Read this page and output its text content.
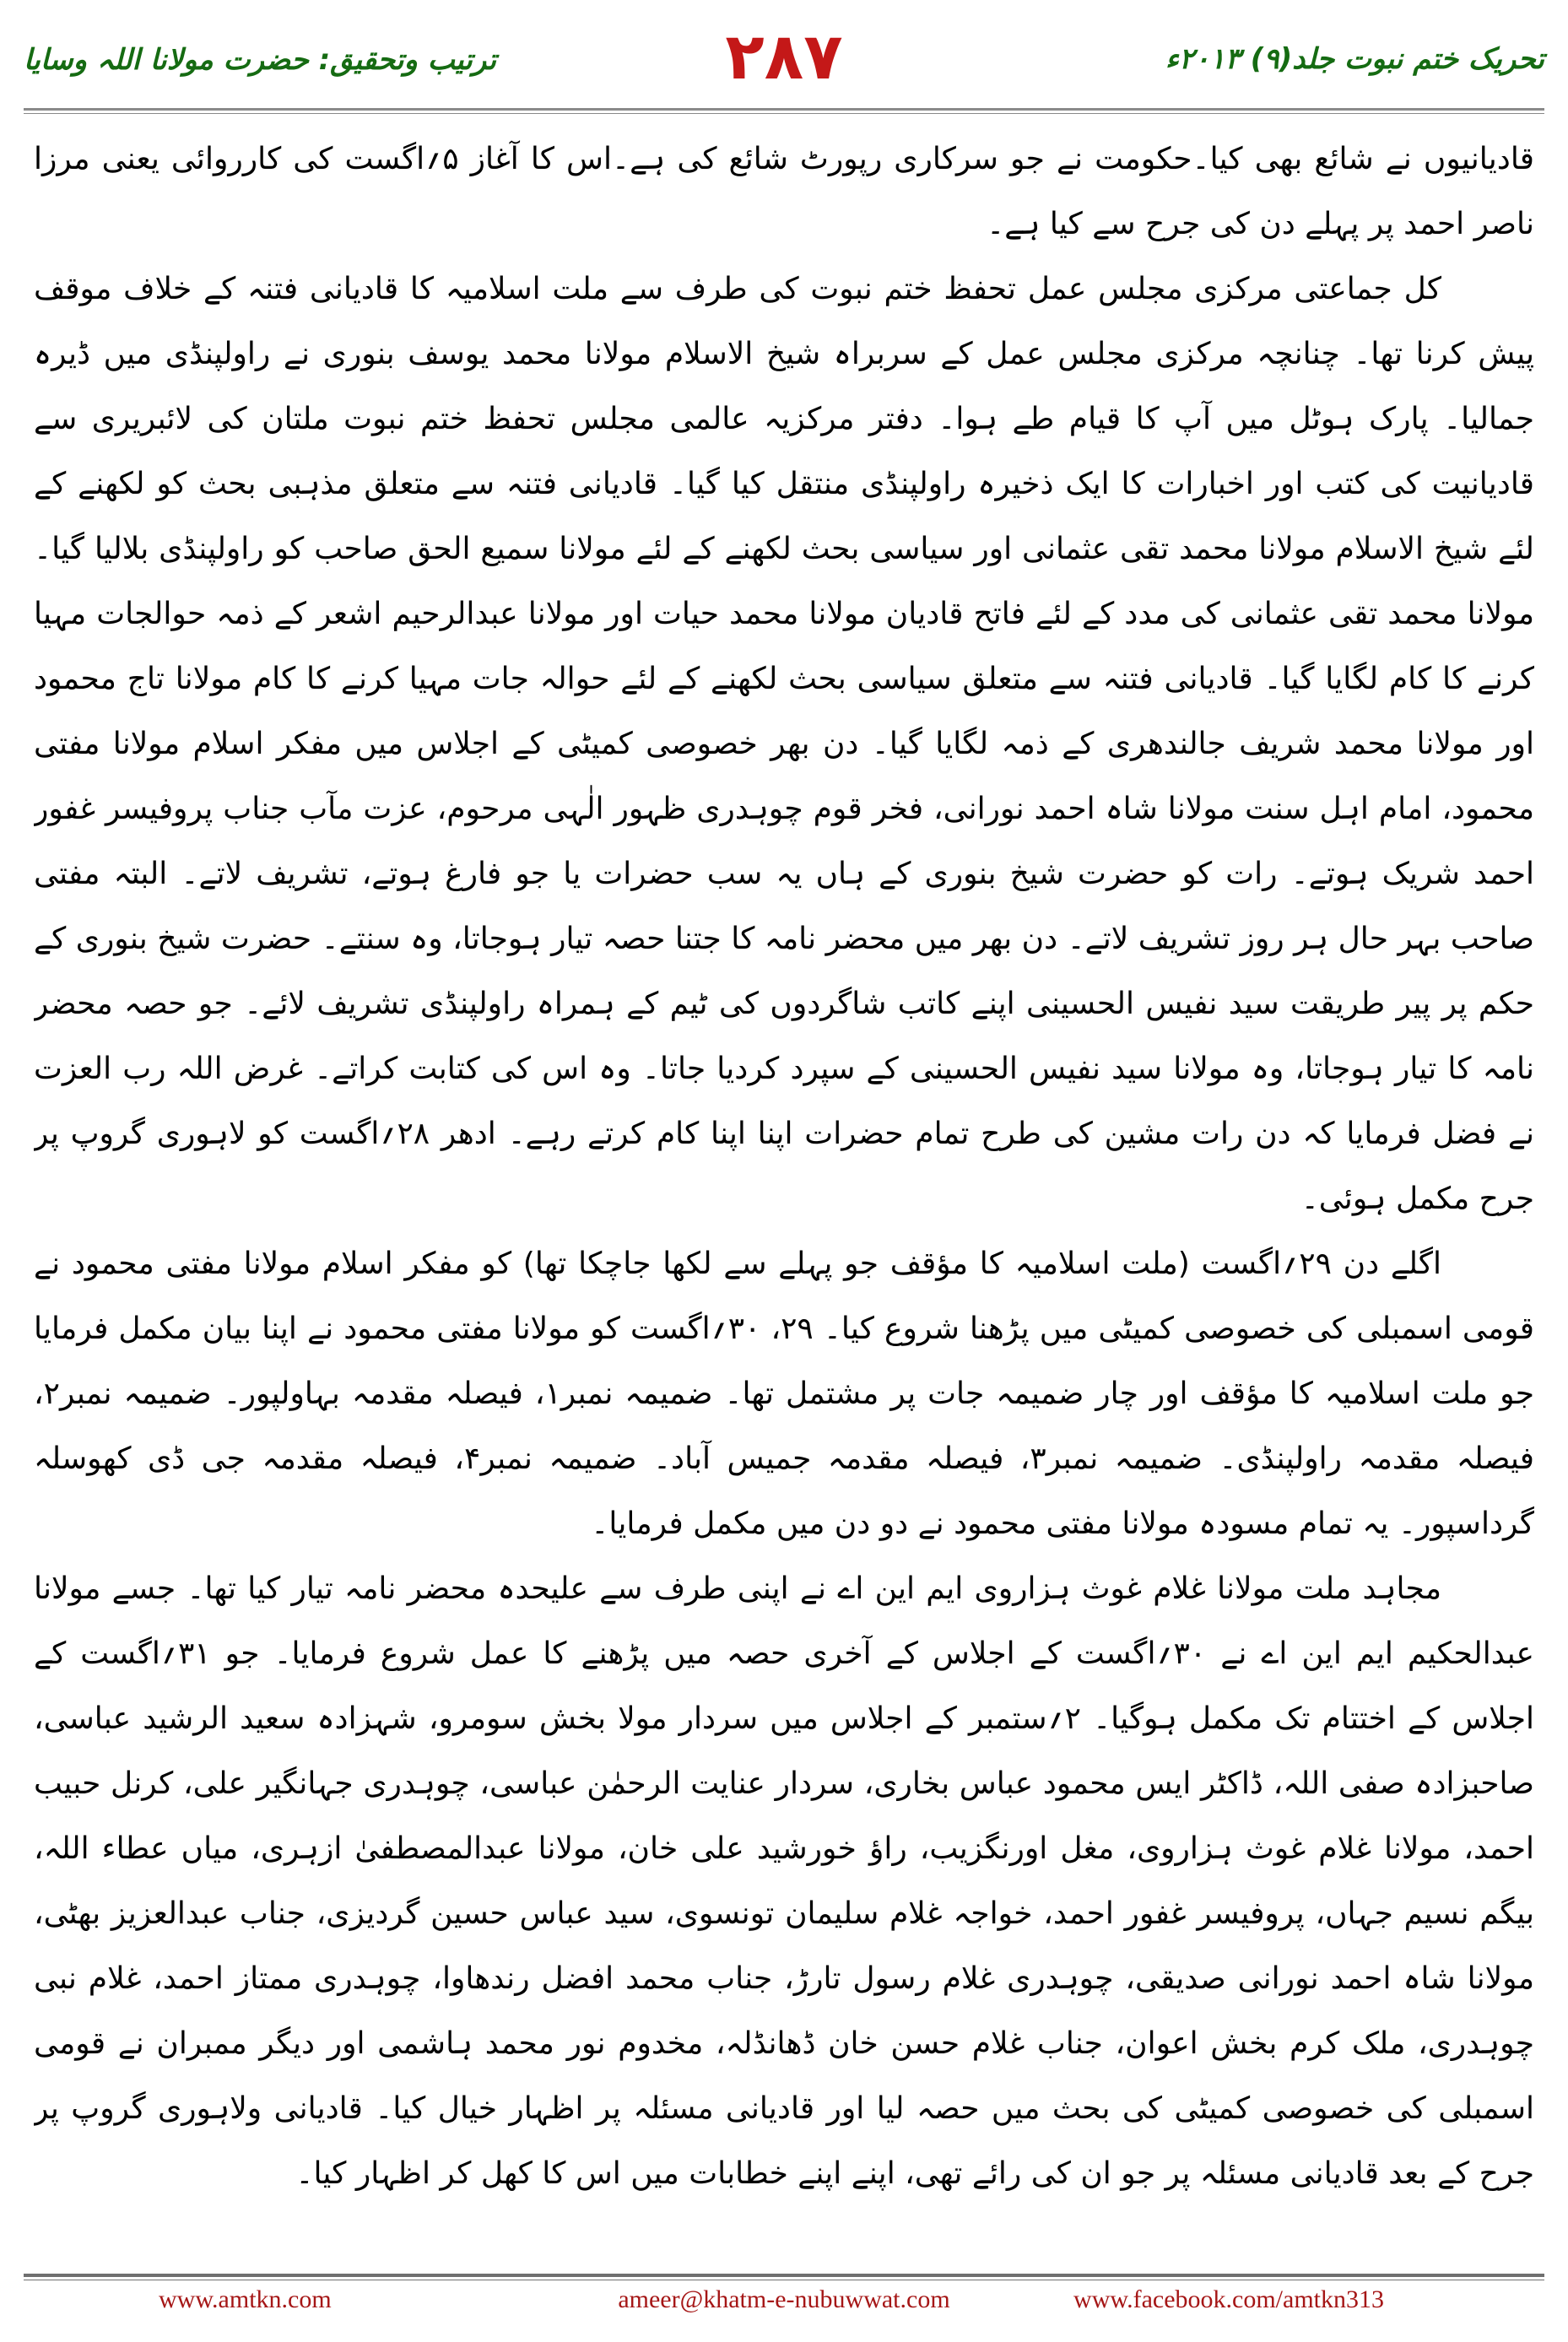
ترتیب وتحقیق: حضرت مولانا اللہ وسایا	۲۸۷	تحریک ختم نبوت جلد(۹) ۲۰۱۳ء

قادیانیوں نے شائع بھی کیا۔حکومت نے جو سرکاری رپورٹ شائع کی ہے۔اس کا آغاز ۵؍اگست کی کارروائی یعنی مرزا ناصر احمد پر پہلے دن کی جرح سے کیا ہے۔

کل جماعتی مرکزی مجلس عمل تحفظ ختم نبوت کی طرف سے ملت اسلامیہ کا قادیانی فتنہ کے خلاف موقف پیش کرنا تھا۔ چنانچہ مرکزی مجلس عمل کے سربراہ شیخ الاسلام مولانا محمد یوسف بنوری نے راولپنڈی میں ڈیرہ جمالیا۔ پارک ہوٹل میں آپ کا قیام طے ہوا۔ دفتر مرکزیہ عالمی مجلس تحفظ ختم نبوت ملتان کی لائبریری سے قادیانیت کی کتب اور اخبارات کا ایک ذخیرہ راولپنڈی منتقل کیا گیا۔ قادیانی فتنہ سے متعلق مذہبی بحث کو لکھنے کے لئے شیخ الاسلام مولانا محمد تقی عثمانی اور سیاسی بحث لکھنے کے لئے مولانا سمیع الحق صاحب کو راولپنڈی بلالیا گیا۔ مولانا محمد تقی عثمانی کی مدد کے لئے فاتح قادیان مولانا محمد حیات اور مولانا عبدالرحیم اشعر کے ذمہ حوالجات مہیا کرنے کا کام لگایا گیا۔ قادیانی فتنہ سے متعلق سیاسی بحث لکھنے کے لئے حوالہ جات مہیا کرنے کا کام مولانا تاج محمود اور مولانا محمد شریف جالندھری کے ذمہ لگایا گیا۔ دن بھر خصوصی کمیٹی کے اجلاس میں مفکر اسلام مولانا مفتی محمود، امام اہل سنت مولانا شاہ احمد نورانی، فخر قوم چوہدری ظہور الٰہی مرحوم، عزت مآب جناب پروفیسر غفور احمد شریک ہوتے۔ رات کو حضرت شیخ بنوری کے ہاں یہ سب حضرات یا جو فارغ ہوتے، تشریف لاتے۔ البتہ مفتی صاحب بہر حال ہر روز تشریف لاتے۔ دن بھر میں محضر نامہ کا جتنا حصہ تیار ہوجاتا، وہ سنتے۔ حضرت شیخ بنوری کے حکم پر پیر طریقت سید نفیس الحسینی اپنے کاتب شاگردوں کی ٹیم کے ہمراہ راولپنڈی تشریف لائے۔ جو حصہ محضر نامہ کا تیار ہوجاتا، وہ مولانا سید نفیس الحسینی کے سپرد کردیا جاتا۔ وہ اس کی کتابت کراتے۔ غرض اللہ رب العزت نے فضل فرمایا کہ دن رات مشین کی طرح تمام حضرات اپنا اپنا کام کرتے رہے۔ ادھر ۲۸؍اگست کو لاہوری گروپ پر جرح مکمل ہوئی۔

اگلے دن ۲۹؍اگست (ملت اسلامیہ کا مؤقف جو پہلے سے لکھا جاچکا تھا) کو مفکر اسلام مولانا مفتی محمود نے قومی اسمبلی کی خصوصی کمیٹی میں پڑھنا شروع کیا۔ ۲۹، ۳۰؍اگست کو مولانا مفتی محمود نے اپنا بیان مکمل فرمایا جو ملت اسلامیہ کا مؤقف اور چار ضمیمہ جات پر مشتمل تھا۔ ضمیمہ نمبر۱، فیصلہ مقدمہ بہاولپور۔ ضمیمہ نمبر۲، فیصلہ مقدمہ راولپنڈی۔ ضمیمہ نمبر۳، فیصلہ مقدمہ جمیس آباد۔ ضمیمہ نمبر۴، فیصلہ مقدمہ جی ڈی کھوسلہ گرداسپور۔ یہ تمام مسودہ مولانا مفتی محمود نے دو دن میں مکمل فرمایا۔

مجاہد ملت مولانا غلام غوث ہزاروی ایم این اے نے اپنی طرف سے علیحدہ محضر نامہ تیار کیا تھا۔ جسے مولانا عبدالحکیم ایم این اے نے ۳۰؍اگست کے اجلاس کے آخری حصہ میں پڑھنے کا عمل شروع فرمایا۔ جو ۳۱؍اگست کے اجلاس کے اختتام تک مکمل ہوگیا۔ ۲؍ستمبر کے اجلاس میں سردار مولا بخش سومرو، شہزادہ سعید الرشید عباسی، صاحبزادہ صفی اللہ، ڈاکٹر ایس محمود عباس بخاری، سردار عنایت الرحمٰن عباسی، چوہدری جہانگیر علی، کرنل حبیب احمد، مولانا غلام غوث ہزاروی، مغل اورنگزیب، راؤ خورشید علی خان، مولانا عبدالمصطفیٰ ازہری، میاں عطاء اللہ، بیگم نسیم جہاں، پروفیسر غفور احمد، خواجہ غلام سلیمان تونسوی، سید عباس حسین گردیزی، جناب عبدالعزیز بھٹی، مولانا شاہ احمد نورانی صدیقی، چوہدری غلام رسول تارڑ، جناب محمد افضل رندھاوا، چوہدری ممتاز احمد، غلام نبی چوہدری، ملک کرم بخش اعوان، جناب غلام حسن خان ڈھانڈلہ، مخدوم نور محمد ہاشمی اور دیگر ممبران نے قومی اسمبلی کی خصوصی کمیٹی کی بحث میں حصہ لیا اور قادیانی مسئلہ پر اظہار خیال کیا۔ قادیانی ولاہوری گروپ پر جرح کے بعد قادیانی مسئلہ پر جو ان کی رائے تھی، اپنے اپنے خطابات میں اس کا کھل کر اظہار کیا۔

www.amtkn.com	ameer@khatm-e-nubuwwat.com	www.facebook.com/amtkn313
